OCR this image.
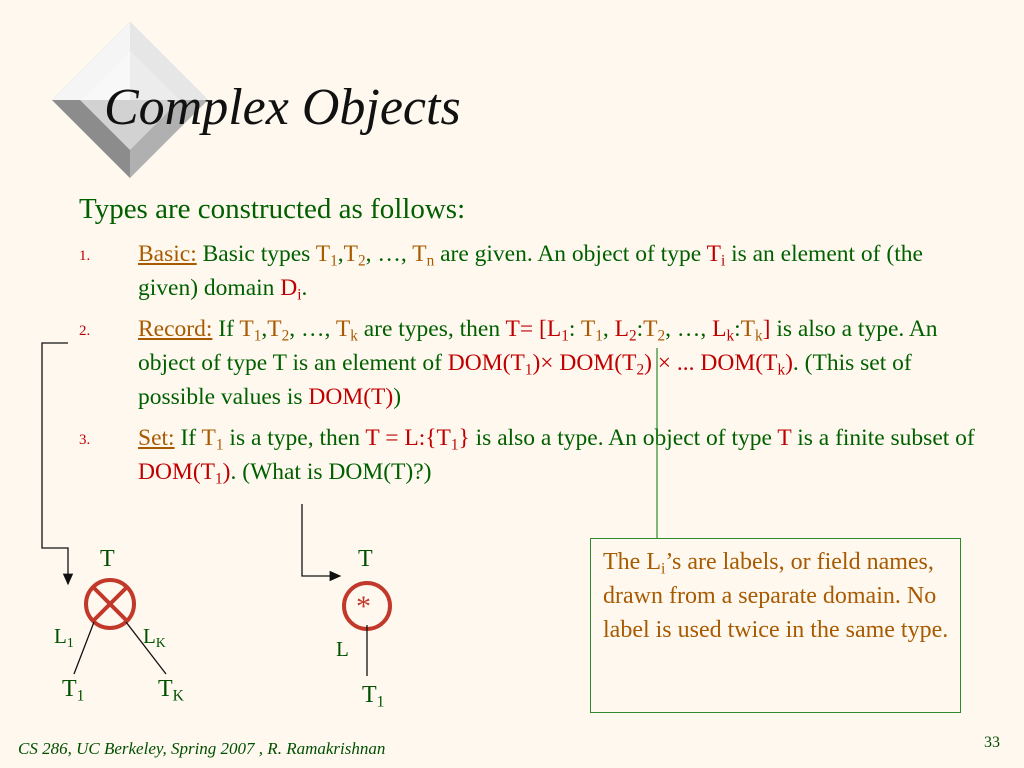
Complex Objects
Types are constructed as follows:
1. Basic: Basic types $T_1,T_2$, …, $T_n$ are given. An object of type $T_i$ is an element of (the given) domain $D_i$.
2. Record: If $T_1,T_2$, …, $T_k$ are types, then $T= [L_1$: $T_1$, $L_2:T_2$, …, $L_k:T_k$] is also a type. An object of type T is an element of $DOM(T_1)\times DOM(T_2)$ × ... $DOM(T_k)$. (This set of possible values is DOM(T))
3. Set: If $T_1$ is a type, then $T = L:\{T_1\}$ is also a type. An object of type T is a finite subset of $DOM(T_1)$. (What is DOM(T)?)
T
$L_1$	$L_K$
$T_1$	$T_K$
T
*
L
$T_1$
The $L_i’s$ are labels, or field names, drawn from a separate domain. No label is used twice in the same type.
CS 286, UC Berkeley, Spring 2007 , R. Ramakrishnan	33
